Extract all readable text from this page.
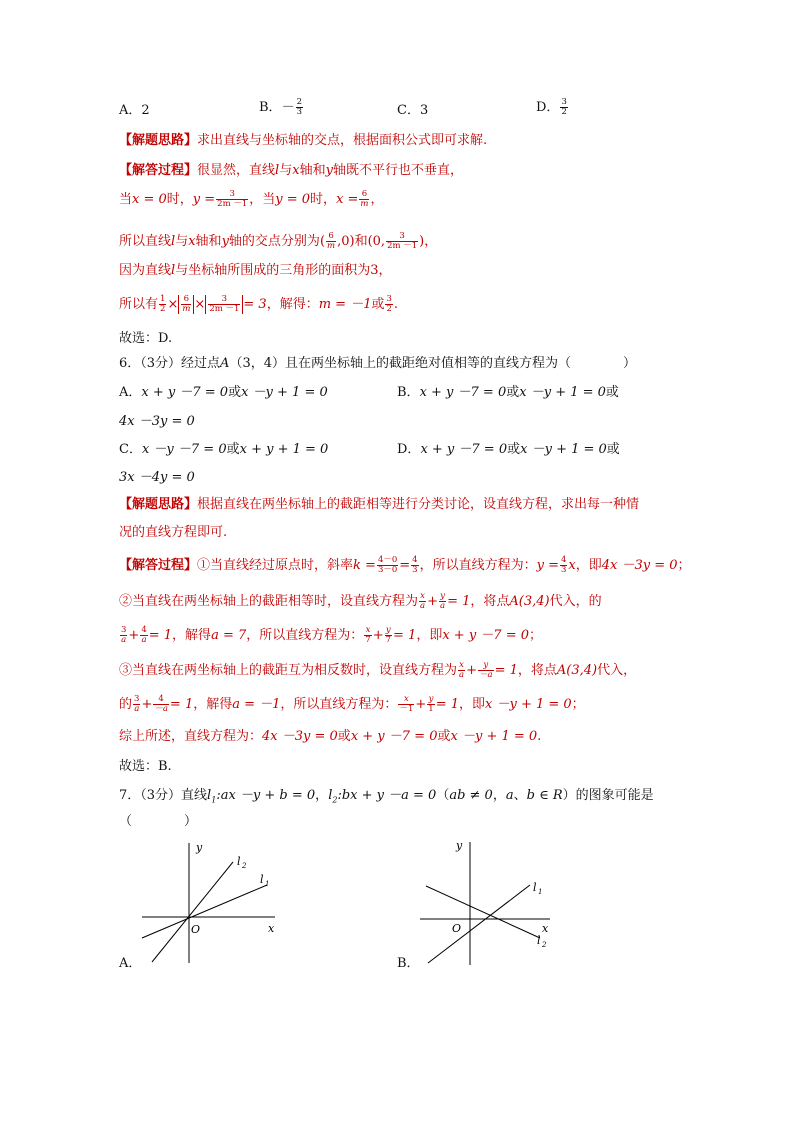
A．2	B．－ $\frac{2}{3}$	C．3	D． $\frac{3}{2}$
【解题思路】求出直线与坐标轴的交点，根据面积公式即可求解.
【解答过程】很显然，直线l与x轴和y轴既不平行也不垂直，
当x = 0时，$y = \frac{3}{2m -1}$ ，当y = 0时，$x = \frac{6}{m}$ ，
所以直线l与x轴和y轴的交点分别为( $\frac{6}{m} ,0$)和(0, $\frac{3}{2m -1}$ )，
因为直线l与坐标轴所围成的三角形的面积为3，
所以有 $\frac{1}{2} \times \frac{6}{m} \times \frac{3}{2m -1} = 3$，解得：m = －1或 $\frac{3}{2}$ .
故选：D.
6．（3分）经过点A（3，4）且在两坐标轴上的截距绝对值相等的直线方程为（　　　　）
A．x + y －7 = 0或x －y + 1 = 0	B．x + y －7 = 0或x －y + 1 = 0或
4x －3y = 0
C．x －y －7 = 0或x + y + 1 = 0	D．x + y －7 = 0或x －y + 1 = 0或
3x －4y = 0
【解题思路】根据直线在两坐标轴上的截距相等进行分类讨论，设直线方程，求出每一种情
况的直线方程即可.
【解答过程】①当直线经过原点时，斜率$k = \frac{4-0}{3-0} = \frac{4}{3}$ ，所以直线方程为：$y = \frac{4}{3}$ x，即4x －3y = 0；
②当直线在两坐标轴上的截距相等时，设直线方程为 $\frac{x}{a} + \frac{y}{a} = 1$，将点A(3,4)代入，的
$\frac{3}{a} + \frac{4}{a} = 1$，解得a = 7，所以直线方程为： $\frac{x}{7} + \frac{y}{7} = 1$，即x + y －7 = 0；
③当直线在两坐标轴上的截距互为相反数时，设直线方程为 $\frac{x}{a} + \frac{y}{-a} = 1$，将点A(3,4)代入，
的 $\frac{3}{a} + \frac{4}{-a} = 1$，解得a = －1，所以直线方程为： $\frac{x}{-1} + \frac{y}{1} = 1$，即x －y + 1 = 0；
综上所述，直线方程为：4x －3y = 0或x + y －7 = 0或x －y + 1 = 0.
故选：B.
7．（3分）直线$l_1:ax -y + b = 0$，$l_2:bx + y -a = 0(ab \ne 0$，a、b ∈ R）的图象可能是
（　　　　）
y
x
O
l 2
l 1
A．
y
x
O
l 1
l 2
B．
